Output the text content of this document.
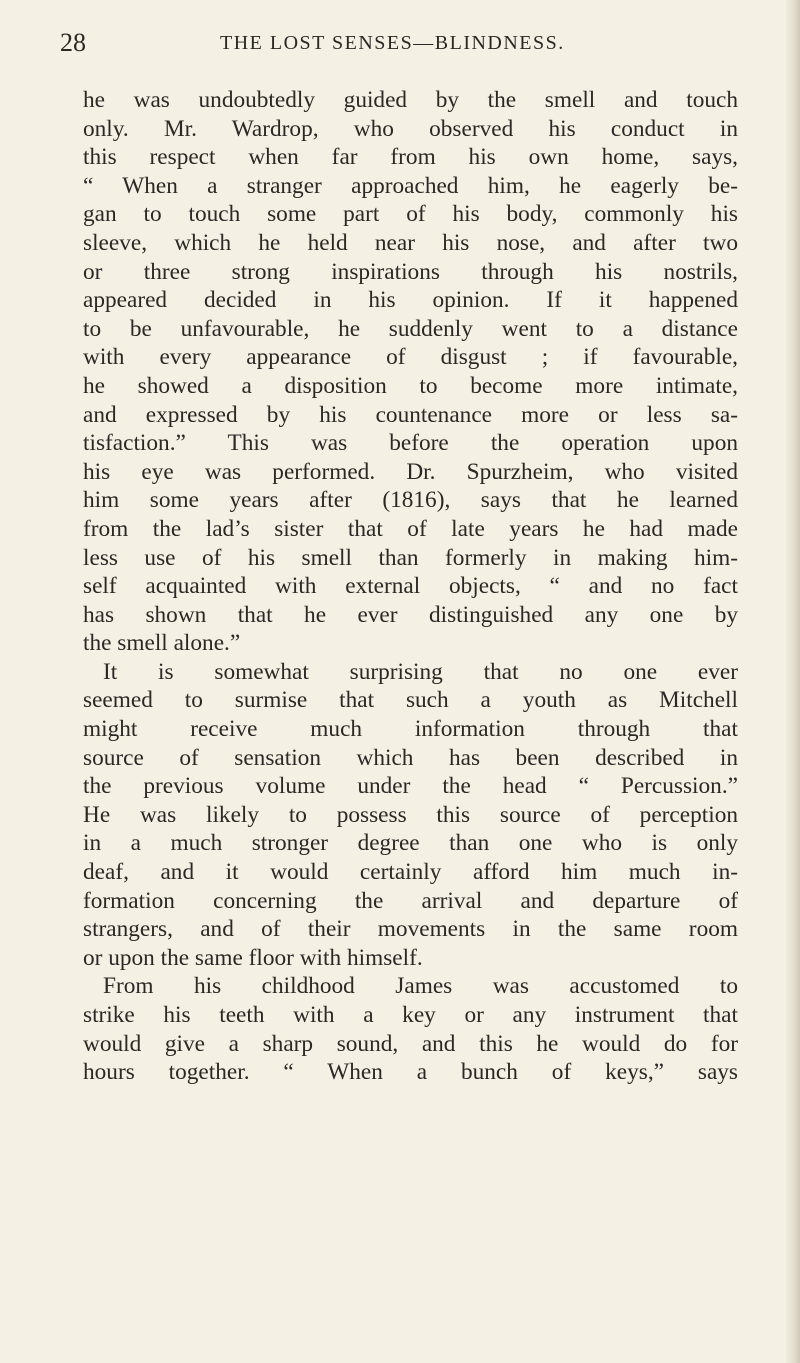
28	THE LOST SENSES—BLINDNESS.
he was undoubtedly guided by the smell and touch
only. Mr. Wardrop, who observed his conduct in
this respect when far from his own home, says,
“ When a stranger approached him, he eagerly be-
gan to touch some part of his body, commonly his
sleeve, which he held near his nose, and after two
or three strong inspirations through his nostrils,
appeared decided in his opinion. If it happened
to be unfavourable, he suddenly went to a distance
with every appearance of disgust ; if favourable,
he showed a disposition to become more intimate,
and expressed by his countenance more or less sa-
tisfaction.” This was before the operation upon
his eye was performed. Dr. Spurzheim, who visited
him some years after (1816), says that he learned
from the lad’s sister that of late years he had made
less use of his smell than formerly in making him-
self acquainted with external objects, “ and no fact
has shown that he ever distinguished any one by
the smell alone.”
It is somewhat surprising that no one ever
seemed to surmise that such a youth as Mitchell
might receive much information through that
source of sensation which has been described in
the previous volume under the head “ Percussion.”
He was likely to possess this source of perception
in a much stronger degree than one who is only
deaf, and it would certainly afford him much in-
formation concerning the arrival and departure of
strangers, and of their movements in the same room
or upon the same floor with himself.
From his childhood James was accustomed to
strike his teeth with a key or any instrument that
would give a sharp sound, and this he would do for
hours together. “ When a bunch of keys,” says
